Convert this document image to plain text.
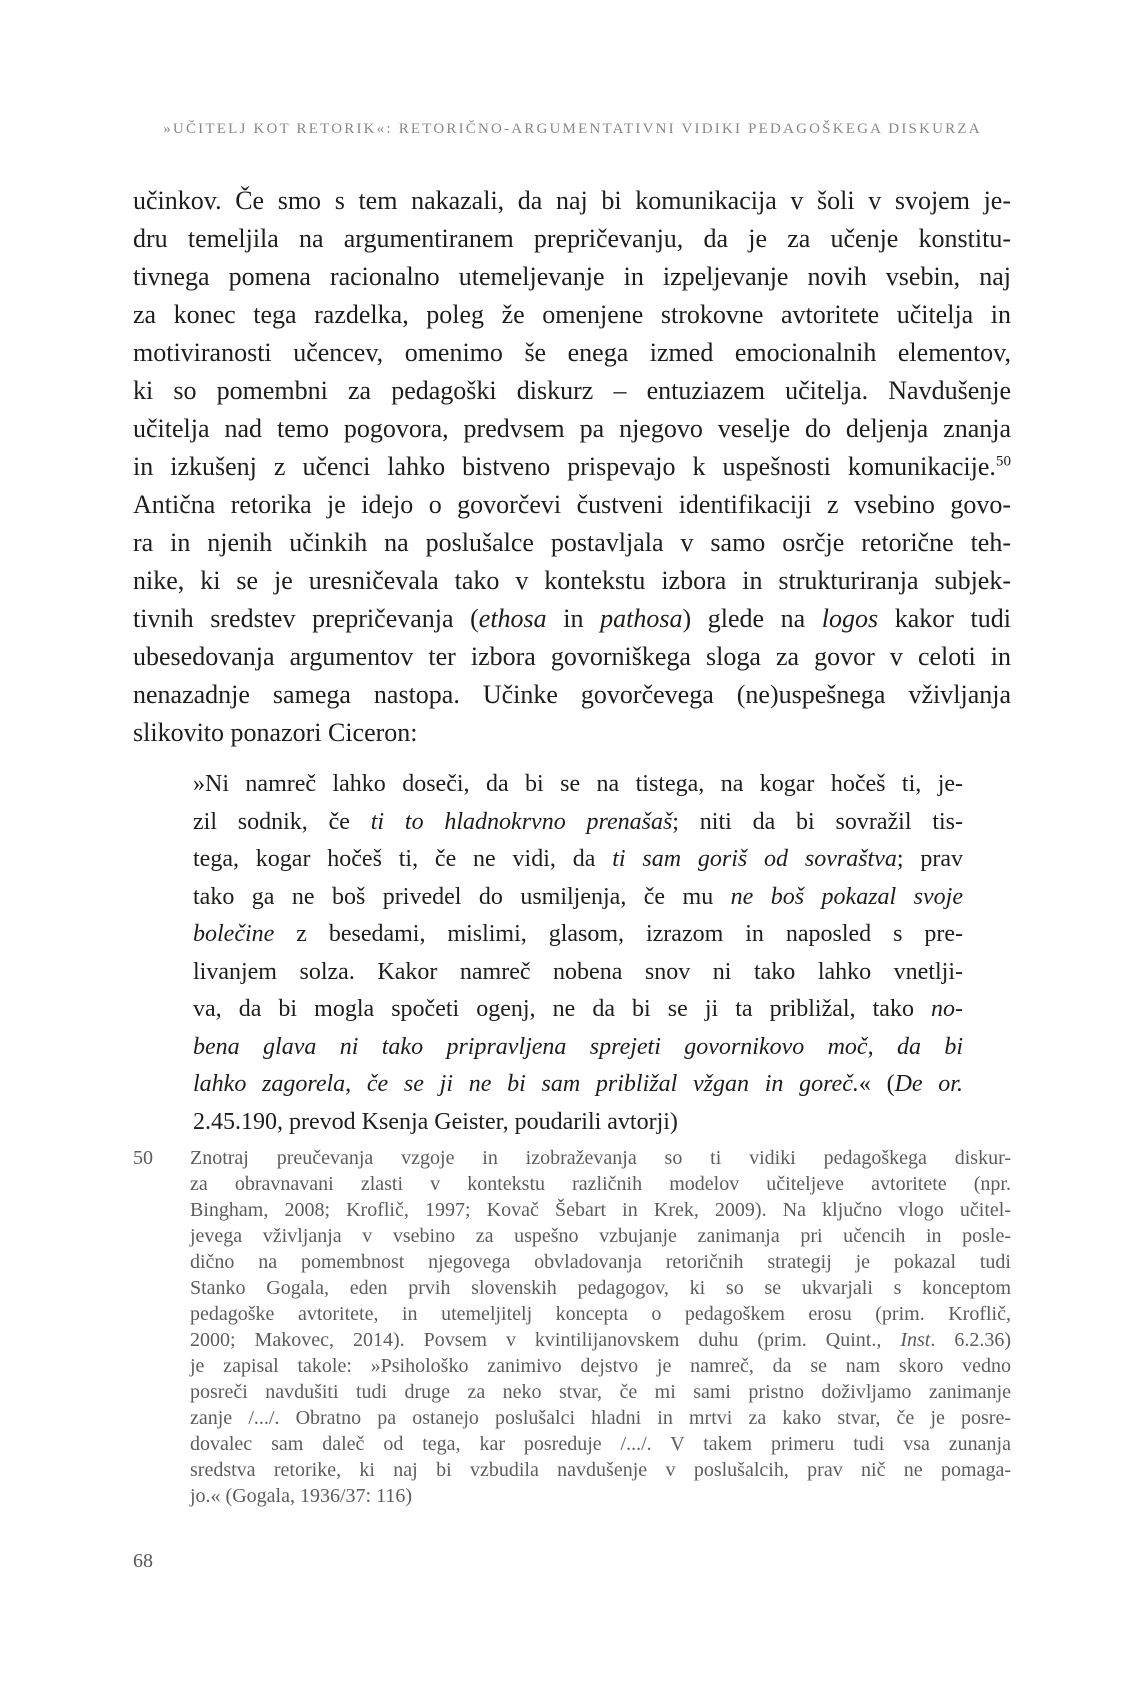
»UČITELJ KOT RETORIK«: RETORIČNO-ARGUMENTATIVNI VIDIKI PEDAGOŠKEGA DISKURZA
učinkov. Če smo s tem nakazali, da naj bi komunikacija v šoli v svojem je-
dru temeljila na argumentiranem prepričevanju, da je za učenje konstitu-
tivnega pomena racionalno utemeljevanje in izpeljevanje novih vsebin, naj
za konec tega razdelka, poleg že omenjene strokovne avtoritete učitelja in
motiviranosti učencev, omenimo še enega izmed emocionalnih elementov,
ki so pomembni za pedagoški diskurz – entuziazem učitelja. Navdušenje
učitelja nad temo pogovora, predvsem pa njegovo veselje do deljenja znanja
in izkušenj z učenci lahko bistveno prispevajo k uspešnosti komunikacije.$^{50}$
Antična retorika je idejo o govorčevi čustveni identifikaciji z vsebino govo-
ra in njenih učinkih na poslušalce postavljala v samo osrčje retorične teh-
nike, ki se je uresničevala tako v kontekstu izbora in strukturiranja subjek-
tivnih sredstev prepričevanja (ethosa in pathosa) glede na logos kakor tudi
ubesedovanja argumentov ter izbora govorniškega sloga za govor v celoti in
nenazadnje samega nastopa. Učinke govorčevega (ne)uspešnega vživljanja
slikovito ponazori Ciceron:
»Ni namreč lahko doseči, da bi se na tistega, na kogar hočeš ti, je-
zil sodnik, če ti to hladnokrvno prenašaš; niti da bi sovražil tis-
tega, kogar hočeš ti, če ne vidi, da ti sam goriš od sovraštva; prav
tako ga ne boš privedel do usmiljenja, če mu ne boš pokazal svoje
bolečine z besedami, mislimi, glasom, izrazom in naposled s pre-
livanjem solza. Kakor namreč nobena snov ni tako lahko vnetlji-
va, da bi mogla spočeti ogenj, ne da bi se ji ta približal, tako no-
bena glava ni tako pripravljena sprejeti govornikovo moč, da bi
lahko zagorela, če se ji ne bi sam približal vžgan in goreč.« (De or.
2.45.190, prevod Ksenja Geister, poudarili avtorji)
50	Znotraj preučevanja vzgoje in izobraževanja so ti vidiki pedagoškega diskur-
za obravnavani zlasti v kontekstu različnih modelov učiteljeve avtoritete (npr.
Bingham, 2008; Kroflič, 1997; Kovač Šebart in Krek, 2009). Na ključno vlogo učitel-
jevega vživljanja v vsebino za uspešno vzbujanje zanimanja pri učencih in posle-
dično na pomembnost njegovega obvladovanja retoričnih strategij je pokazal tudi
Stanko Gogala, eden prvih slovenskih pedagogov, ki so se ukvarjali s konceptom
pedagoške avtoritete, in utemeljitelj koncepta o pedagoškem erosu (prim. Kroflič,
2000; Makovec, 2014). Povsem v kvintilijanovskem duhu (prim. Quint., Inst. 6.2.36)
je zapisal takole: »Psihološko zanimivo dejstvo je namreč, da se nam skoro vedno
posreči navdušiti tudi druge za neko stvar, če mi sami pristno doživljamo zanimanje
zanje /.../. Obratno pa ostanejo poslušalci hladni in mrtvi za kako stvar, če je posre-
dovalec sam daleč od tega, kar posreduje /.../. V takem primeru tudi vsa zunanja
sredstva retorike, ki naj bi vzbudila navdušenje v poslušalcih, prav nič ne pomaga-
jo.« (Gogala, 1936/37: 116)
68
